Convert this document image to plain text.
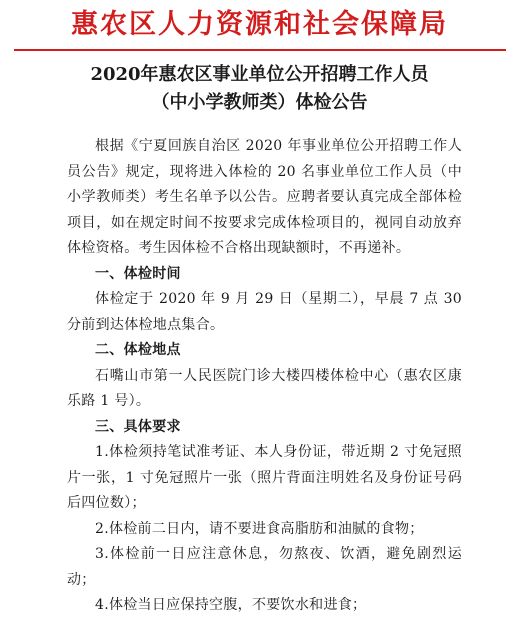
惠农区人力资源和社会保障局
2020年惠农区事业单位公开招聘工作人员
（中小学教师类）体检公告

根据《宁夏回族自治区 2020 年事业单位公开招聘工作人员公告》规定，现将进入体检的 20 名事业单位工作人员（中小学教师类）考生名单予以公告。应聘者要认真完成全部体检项目，如在规定时间不按要求完成体检项目的，视同自动放弃体检资格。考生因体检不合格出现缺额时，不再递补。

一、体检时间

体检定于 2020 年 9 月 29 日（星期二），早晨 7 点 30 分前到达体检地点集合。

二、体检地点

石嘴山市第一人民医院门诊大楼四楼体检中心（惠农区康乐路 1 号）。

三、具体要求

1.体检须持笔试准考证、本人身份证，带近期 2 寸免冠照片一张，1 寸免冠照片一张（照片背面注明姓名及身份证号码后四位数）；

2.体检前二日内，请不要进食高脂肪和油腻的食物；

3.体检前一日应注意休息，勿熬夜、饮酒，避免剧烈运动；

4.体检当日应保持空腹，不要饮水和进食；
